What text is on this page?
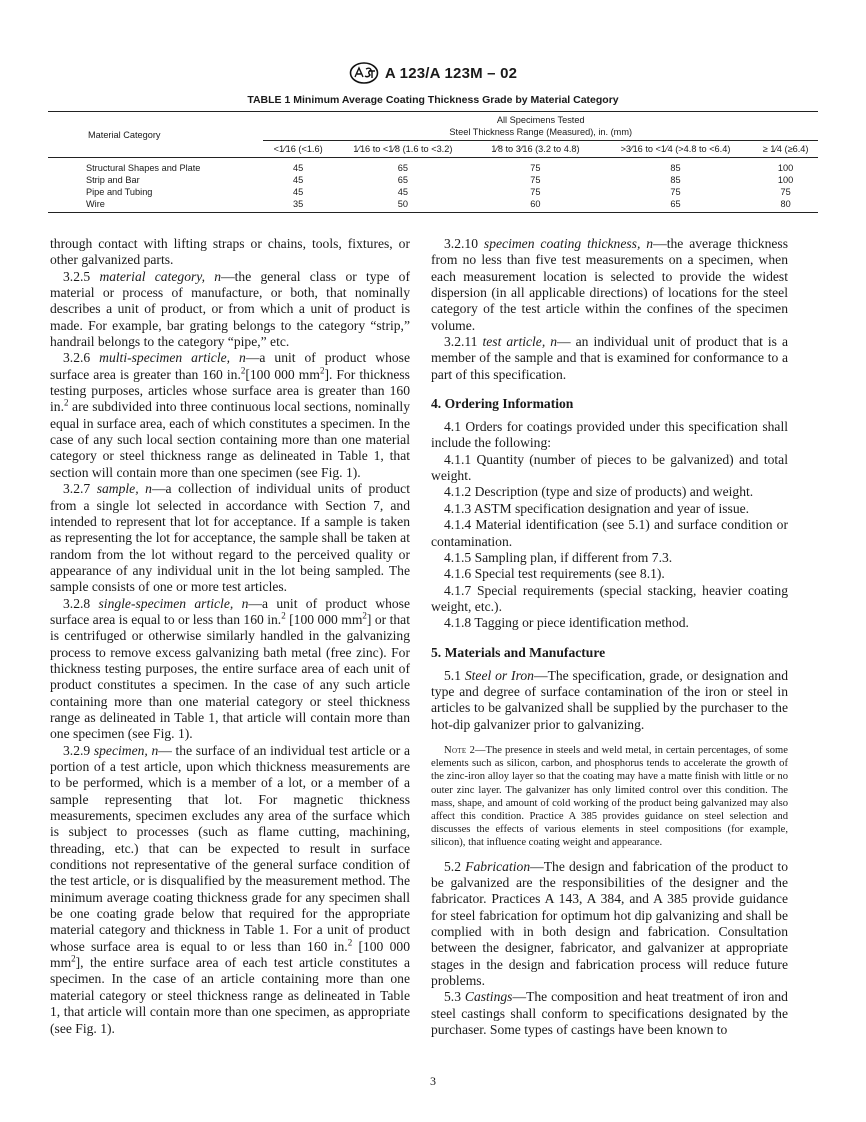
A 123/A 123M – 02
TABLE 1 Minimum Average Coating Thickness Grade by Material Category
Material Category	All Specimens Tested
Steel Thickness Range (Measured), in. (mm)				

	<1⁄16 (<1.6)	1⁄16 to <1⁄8 (1.6 to <3.2)	1⁄8 to 3⁄16 (3.2 to 4.8)	>3⁄16 to <1⁄4 (>4.8 to <6.4)	≥ 1⁄4 (≥6.4)
Structural Shapes and Plate	45	65	75	85	100
Strip and Bar	45	65	75	85	100
Pipe and Tubing	45	45	75	75	75
Wire	35	50	60	65	80

through contact with lifting straps or chains, tools, fixtures, or other galvanized parts.

3.2.5 material category, n—the general class or type of material or process of manufacture, or both, that nominally describes a unit of product, or from which a unit of product is made. For example, bar grating belongs to the category “strip,” handrail belongs to the category “pipe,” etc.

3.2.6 multi-specimen article, n—a unit of product whose surface area is greater than 160 in.$^2$[100 000 $mm^2$]. For thickness testing purposes, articles whose surface area is greater than 160 in.$^2$ are subdivided into three continuous local sections, nominally equal in surface area, each of which constitutes a specimen. In the case of any such local section containing more than one material category or steel thickness range as delineated in Table 1, that section will contain more than one specimen (see Fig. 1).

3.2.7 sample, n—a collection of individual units of product from a single lot selected in accordance with Section 7, and intended to represent that lot for acceptance. If a sample is taken as representing the lot for acceptance, the sample shall be taken at random from the lot without regard to the perceived quality or appearance of any individual unit in the lot being sampled. The sample consists of one or more test articles.

3.2.8 single-specimen article, n—a unit of product whose surface area is equal to or less than 160 in.$^2$ [100 000 $mm^2$] or that is centrifuged or otherwise similarly handled in the galvanizing process to remove excess galvanizing bath metal (free zinc). For thickness testing purposes, the entire surface area of each unit of product constitutes a specimen. In the case of any such article containing more than one material category or steel thickness range as delineated in Table 1, that article will contain more than one specimen (see Fig. 1).

3.2.9 specimen, n— the surface of an individual test article or a portion of a test article, upon which thickness measurements are to be performed, which is a member of a lot, or a member of a sample representing that lot. For magnetic thickness measurements, specimen excludes any area of the surface which is subject to processes (such as flame cutting, machining, threading, etc.) that can be expected to result in surface conditions not representative of the general surface condition of the test article, or is disqualified by the measurement method. The minimum average coating thickness grade for any specimen shall be one coating grade below that required for the appropriate material category and thickness in Table 1. For a unit of product whose surface area is equal to or less than 160 in.$^2$ [100 000 $mm^2$], the entire surface area of each test article constitutes a specimen. In the case of an article containing more than one material category or steel thickness range as delineated in Table 1, that article will contain more than one specimen, as appropriate (see Fig. 1).

3.2.10 specimen coating thickness, n—the average thickness from no less than five test measurements on a specimen, when each measurement location is selected to provide the widest dispersion (in all applicable directions) of locations for the steel category of the test article within the confines of the specimen volume.

3.2.11 test article, n— an individual unit of product that is a member of the sample and that is examined for conformance to a part of this specification.

4. Ordering Information

4.1 Orders for coatings provided under this specification shall include the following:

4.1.1 Quantity (number of pieces to be galvanized) and total weight.

4.1.2 Description (type and size of products) and weight.

4.1.3 ASTM specification designation and year of issue.

4.1.4 Material identification (see 5.1) and surface condition or contamination.

4.1.5 Sampling plan, if different from 7.3.

4.1.6 Special test requirements (see 8.1).

4.1.7 Special requirements (special stacking, heavier coating weight, etc.).

4.1.8 Tagging or piece identification method.

5. Materials and Manufacture

5.1 Steel or Iron—The specification, grade, or designation and type and degree of surface contamination of the iron or steel in articles to be galvanized shall be supplied by the purchaser to the hot-dip galvanizer prior to galvanizing.

Note 2—The presence in steels and weld metal, in certain percentages, of some elements such as silicon, carbon, and phosphorus tends to accelerate the growth of the zinc-iron alloy layer so that the coating may have a matte finish with little or no outer zinc layer. The galvanizer has only limited control over this condition. The mass, shape, and amount of cold working of the product being galvanized may also affect this condition. Practice A 385 provides guidance on steel selection and discusses the effects of various elements in steel compositions (for example, silicon), that influence coating weight and appearance.

5.2 Fabrication—The design and fabrication of the product to be galvanized are the responsibilities of the designer and the fabricator. Practices A 143, A 384, and A 385 provide guidance for steel fabrication for optimum hot dip galvanizing and shall be complied with in both design and fabrication. Consultation between the designer, fabricator, and galvanizer at appropriate stages in the design and fabrication process will reduce future problems.

5.3 Castings—The composition and heat treatment of iron and steel castings shall conform to specifications designated by the purchaser. Some types of castings have been known to

3
